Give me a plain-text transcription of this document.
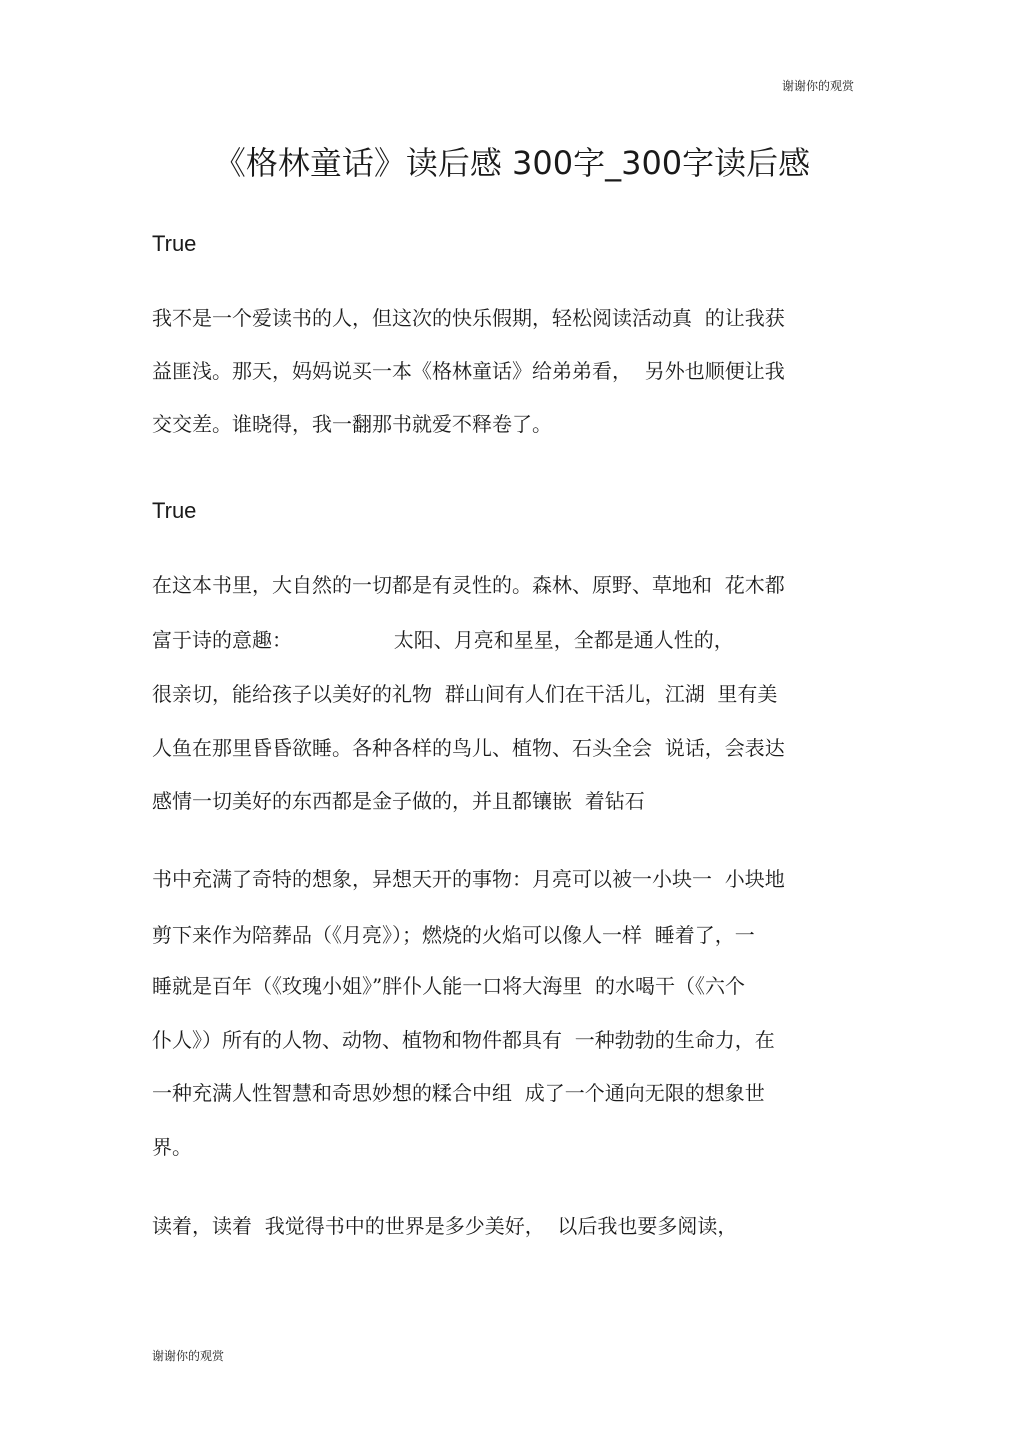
谢谢你的观赏
《格林童话》读后感 300字_300字读后感
True
我不是一个爱读书的人，但这次的快乐假期，轻松阅读活动真  的让我获
益匪浅。那天，妈妈说买一本《格林童话》给弟弟看，  另外也顺便让我
交交差。谁晓得，我一翻那书就爱不释卷了。
True
在这本书里，大自然的一切都是有灵性的。森林、原野、草地和  花木都
富于诗的意趣：                太阳、月亮和星星，全都是通人性的，
很亲切，能给孩子以美好的礼物  群山间有人们在干活儿，江湖  里有美
人鱼在那里昏昏欲睡。各种各样的鸟儿、植物、石头全会  说话，会表达
感情一切美好的东西都是金子做的，并且都镶嵌  着钻石
书中充满了奇特的想象，异想天开的事物：月亮可以被一小块一  小块地
剪下来作为陪葬品（《月亮》）；燃烧的火焰可以像人一样  睡着了，一
睡就是百年（《玫瑰小姐》”胖仆人能一口将大海里  的水喝干（《六个
仆人》）所有的人物、动物、植物和物件都具有  一种勃勃的生命力，在
一种充满人性智慧和奇思妙想的糅合中组  成了一个通向无限的想象世
界。
读着，读着  我觉得书中的世界是多少美好，  以后我也要多阅读，
谢谢你的观赏
